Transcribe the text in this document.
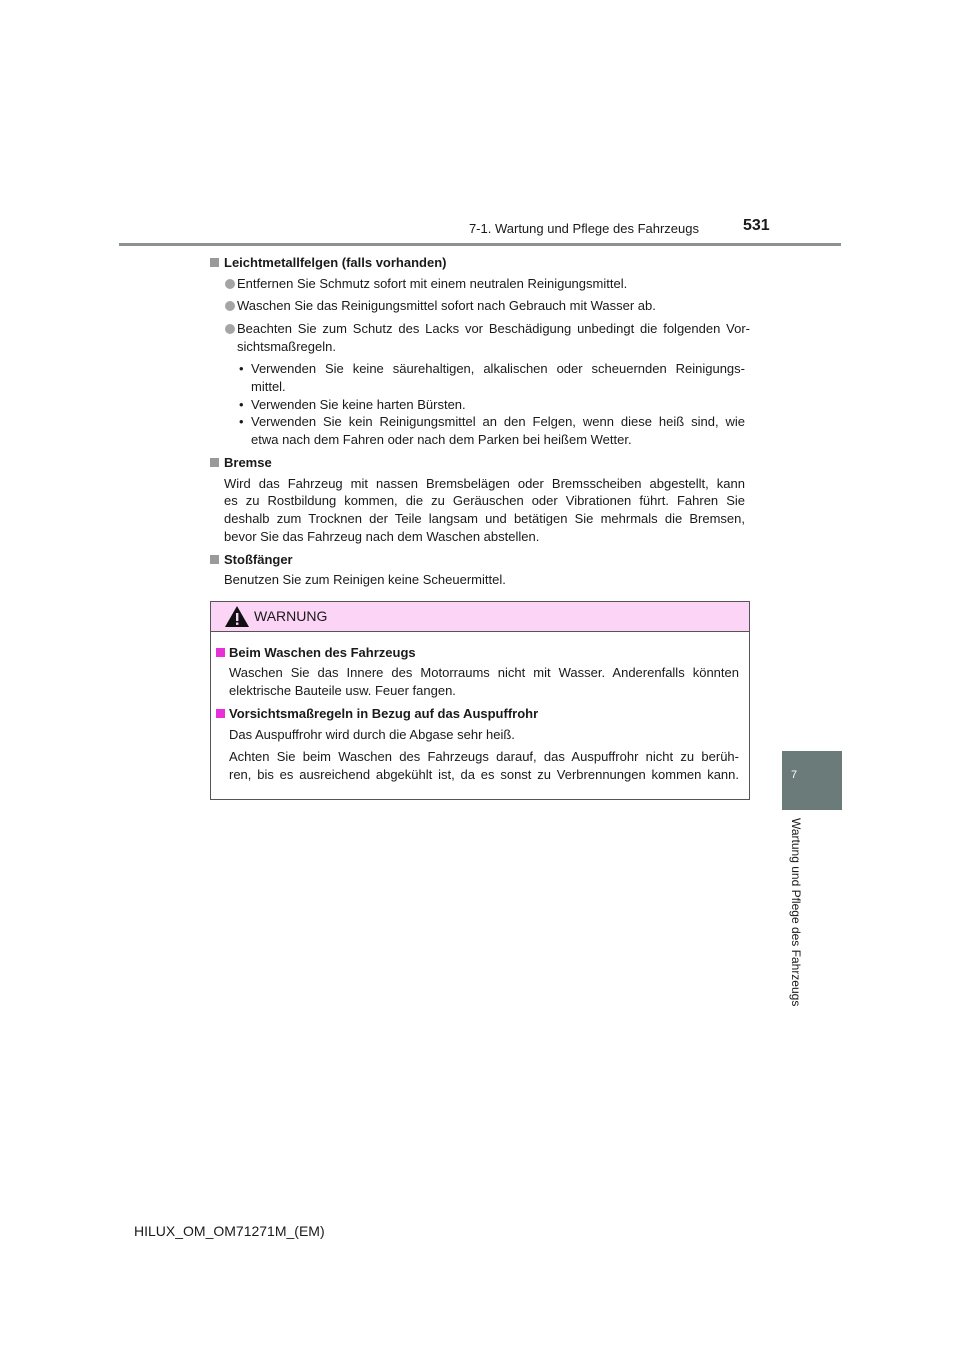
7-1. Wartung und Pflege des Fahrzeugs	531
Leichtmetallfelgen (falls vorhanden)
Entfernen Sie Schmutz sofort mit einem neutralen Reinigungsmittel.
Waschen Sie das Reinigungsmittel sofort nach Gebrauch mit Wasser ab.
Beachten Sie zum Schutz des Lacks vor Beschädigung unbedingt die folgenden Vor-
sichtsmaßregeln.
• Verwenden Sie keine säurehaltigen, alkalischen oder scheuernden Reinigungs-
mittel.
• Verwenden Sie keine harten Bürsten.
• Verwenden Sie kein Reinigungsmittel an den Felgen, wenn diese heiß sind, wie
etwa nach dem Fahren oder nach dem Parken bei heißem Wetter.
Bremse
Wird das Fahrzeug mit nassen Bremsbelägen oder Bremsscheiben abgestellt, kann
es zu Rostbildung kommen, die zu Geräuschen oder Vibrationen führt. Fahren Sie
deshalb zum Trocknen der Teile langsam und betätigen Sie mehrmals die Bremsen,
bevor Sie das Fahrzeug nach dem Waschen abstellen.
Stoßfänger
Benutzen Sie zum Reinigen keine Scheuermittel.
WARNUNG
Beim Waschen des Fahrzeugs
Waschen Sie das Innere des Motorraums nicht mit Wasser. Anderenfalls könnten
elektrische Bauteile usw. Feuer fangen.
Vorsichtsmaßregeln in Bezug auf das Auspuffrohr
Das Auspuffrohr wird durch die Abgase sehr heiß.
Achten Sie beim Waschen des Fahrzeugs darauf, das Auspuffrohr nicht zu berüh-
ren, bis es ausreichend abgekühlt ist, da es sonst zu Verbrennungen kommen kann.	7
Wartung und Pflege des Fahrzeugs
HILUX_OM_OM71271M_(EM)
